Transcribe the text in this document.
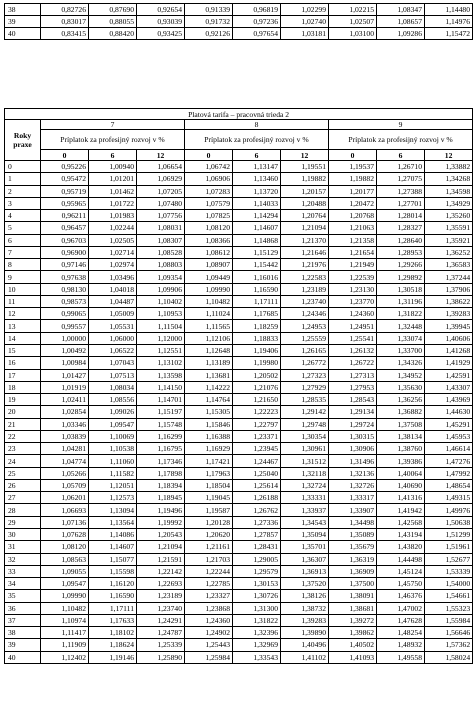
38	0,82726	0,87690	0,92654	0,91339	0,96819	1,02299	1,02215	1,08347	1,14480
39	0,83017	0,88055	0,93039	0,91732	0,97236	1,02740	1,02507	1,08657	1,14976
40	0,83415	0,88420	0,93425	0,92126	0,97654	1,03181	1,03100	1,09286	1,15472
Platová tarifa – pracovná trieda 2									
Roky praxe	7			8			9		
	Príplatok za profesijný rozvoj v %			Príplatok za profesijný rozvoj v %			Príplatok za profesijný rozvoj v %		
	0	6	12	0	6	12	0	6	12
0	0,95226	1,00940	1,06654	1,06742	1,13147	1,19551	1,19537	1,26710	1,33882
1	0,95472	1,01201	1,06929	1,06906	1,13460	1,19882	1,19882	1,27075	1,34268
2	0,95719	1,01462	1,07205	1,07283	1,13720	1,20157	1,20177	1,27388	1,34598
3	0,95965	1,01722	1,07480	1,07579	1,14033	1,20488	1,20472	1,27701	1,34929
4	0,96211	1,01983	1,07756	1,07825	1,14294	1,20764	1,20768	1,28014	1,35260
5	0,96457	1,02244	1,08031	1,08120	1,14607	1,21094	1,21063	1,28327	1,35591
6	0,96703	1,02505	1,08307	1,08366	1,14868	1,21370	1,21358	1,28640	1,35921
7	0,96900	1,02714	1,08528	1,08612	1,15129	1,21646	1,21654	1,28953	1,36252
8	0,97146	1,02974	1,08803	1,08907	1,15442	1,21976	1,21949	1,29266	1,36583
9	0,97638	1,03496	1,09354	1,09449	1,16016	1,22583	1,22539	1,29892	1,37244
10	0,98130	1,04018	1,09906	1,09990	1,16590	1,23189	1,23130	1,30518	1,37906
11	0,98573	1,04487	1,10402	1,10482	1,17111	1,23740	1,23770	1,31196	1,38622
12	0,99065	1,05009	1,10953	1,11024	1,17685	1,24346	1,24360	1,31822	1,39283
13	0,99557	1,05531	1,11504	1,11565	1,18259	1,24953	1,24951	1,32448	1,39945
14	1,00000	1,06000	1,12000	1,12106	1,18833	1,25559	1,25541	1,33074	1,40606
15	1,00492	1,06522	1,12551	1,12648	1,19406	1,26165	1,26132	1,33700	1,41268
16	1,00984	1,07043	1,13102	1,13189	1,19980	1,26772	1,26722	1,34326	1,41929
17	1,01427	1,07513	1,13598	1,13681	1,20502	1,27323	1,27313	1,34952	1,42591
18	1,01919	1,08034	1,14150	1,14222	1,21076	1,27929	1,27953	1,35630	1,43307
19	1,02411	1,08556	1,14701	1,14764	1,21650	1,28535	1,28543	1,36256	1,43969
20	1,02854	1,09026	1,15197	1,15305	1,22223	1,29142	1,29134	1,36882	1,44630
21	1,03346	1,09547	1,15748	1,15846	1,22797	1,29748	1,29724	1,37508	1,45291
22	1,03839	1,10069	1,16299	1,16388	1,23371	1,30354	1,30315	1,38134	1,45953
23	1,04281	1,10538	1,16795	1,16929	1,23945	1,30961	1,30906	1,38760	1,46614
24	1,04774	1,11060	1,17346	1,17421	1,24467	1,31512	1,31496	1,39386	1,47276
25	1,05266	1,11582	1,17898	1,17963	1,25040	1,32118	1,32136	1,40064	1,47992
26	1,05709	1,12051	1,18394	1,18504	1,25614	1,32724	1,32726	1,40690	1,48654
27	1,06201	1,12573	1,18945	1,19045	1,26188	1,33331	1,33317	1,41316	1,49315
28	1,06693	1,13094	1,19496	1,19587	1,26762	1,33937	1,33907	1,41942	1,49976
29	1,07136	1,13564	1,19992	1,20128	1,27336	1,34543	1,34498	1,42568	1,50638
30	1,07628	1,14086	1,20543	1,20620	1,27857	1,35094	1,35089	1,43194	1,51299
31	1,08120	1,14607	1,21094	1,21161	1,28431	1,35701	1,35679	1,43820	1,51961
32	1,08563	1,15077	1,21591	1,21703	1,29005	1,36307	1,36319	1,44498	1,52677
33	1,09055	1,15598	1,22142	1,22244	1,29579	1,36913	1,36909	1,45124	1,53339
34	1,09547	1,16120	1,22693	1,22785	1,30153	1,37520	1,37500	1,45750	1,54000
35	1,09990	1,16590	1,23189	1,23327	1,30726	1,38126	1,38091	1,46376	1,54661
36	1,10482	1,17111	1,23740	1,23868	1,31300	1,38732	1,38681	1,47002	1,55323
37	1,10974	1,17633	1,24291	1,24360	1,31822	1,39283	1,39272	1,47628	1,55984
38	1,11417	1,18102	1,24787	1,24902	1,32396	1,39890	1,39862	1,48254	1,56646
39	1,11909	1,18624	1,25339	1,25443	1,32969	1,40496	1,40502	1,48932	1,57362
40	1,12402	1,19146	1,25890	1,25984	1,33543	1,41102	1,41093	1,49558	1,58024
